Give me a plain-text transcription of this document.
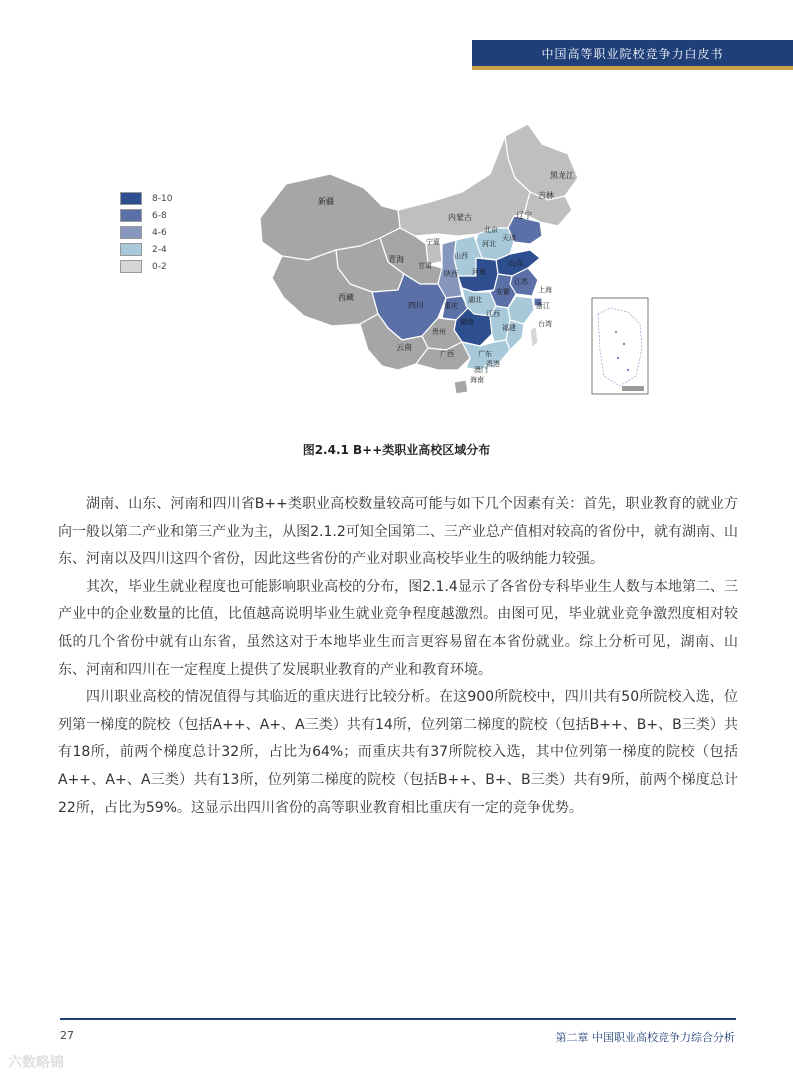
中国高等职业院校竞争力白皮书
黑龙江
吉林
辽宁
内蒙古
新疆
北京
天津
河北
山西
山东
宁夏
甘肃
青海
陕西 河南
江苏
上海
安徽
浙江
西藏
四川	重庆
湖北
湖南
江西
福建	台湾
贵州
云南
广西	广东
香港
澳门
海南
8-10
6-8
4-6
2-4
0-2
图2.4.1 B++类职业高校区域分布

湖南、山东、河南和四川省B++类职业高校数量较高可能与如下几个因素有关：首先，职业教育的就业方向一般以第二产业和第三产业为主，从图2.1.2可知全国第二、三产业总产值相对较高的省份中，就有湖南、山东、河南以及四川这四个省份，因此这些省份的产业对职业高校毕业生的吸纳能力较强。

其次，毕业生就业程度也可能影响职业高校的分布，图2.1.4显示了各省份专科毕业生人数与本地第二、三产业中的企业数量的比值，比值越高说明毕业生就业竞争程度越激烈。由图可见，毕业就业竞争激烈度相对较低的几个省份中就有山东省，虽然这对于本地毕业生而言更容易留在本省份就业。综上分析可见，湖南、山东、河南和四川在一定程度上提供了发展职业教育的产业和教育环境。

四川职业高校的情况值得与其临近的重庆进行比较分析。在这900所院校中，四川共有50所院校入选，位列第一梯度的院校（包括A++、A+、A三类）共有14所，位列第二梯度的院校（包括B++、B+、B三类）共有18所，前两个梯度总计32所，占比为64%；而重庆共有37所院校入选，其中位列第一梯度的院校（包括A++、A+、A三类）共有13所，位列第二梯度的院校（包括B++、B+、B三类）共有9所，前两个梯度总计22所，占比为59%。这显示出四川省份的高等职业教育相比重庆有一定的竞争优势。

27	第二章 中国职业高校竞争力综合分析
六数略锦
